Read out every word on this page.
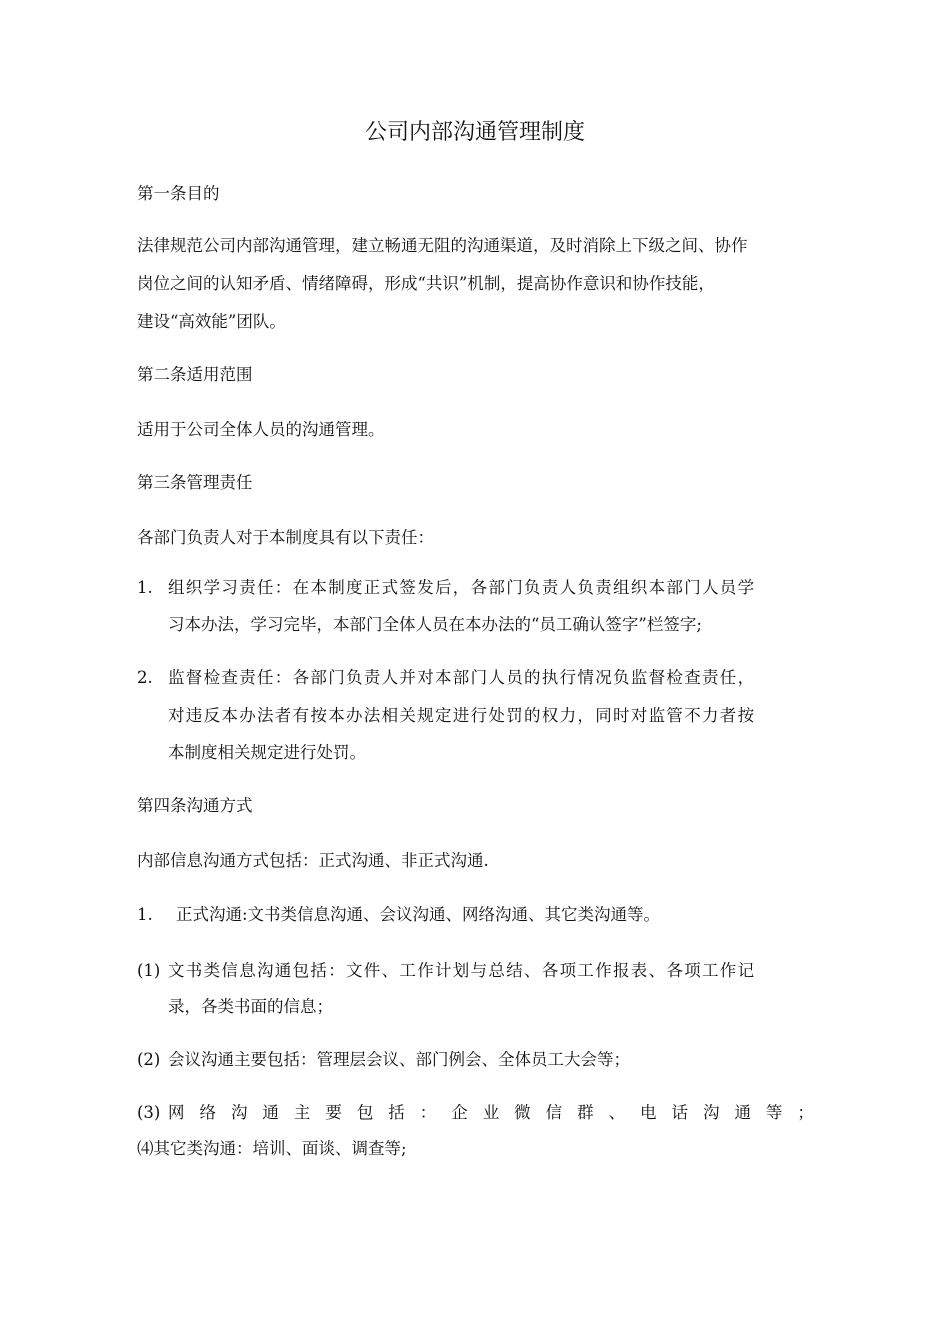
公司内部沟通管理制度
第一条目的
法律规范公司内部沟通管理，建立畅通无阻的沟通渠道，及时消除上下级之间、协作
岗位之间的认知矛盾、情绪障碍，形成“共识”机制，提高协作意识和协作技能，
建设“高效能”团队。
第二条适用范围
适用于公司全体人员的沟通管理。
第三条管理责任
各部门负责人对于本制度具有以下责任：
1. 组织学习责任：在本制度正式签发后，各部门负责人负责组织本部门人员学
习本办法，学习完毕，本部门全体人员在本办法的“员工确认签字”栏签字;
2. 监督检查责任：各部门负责人并对本部门人员的执行情况负监督检查责任，
对违反本办法者有按本办法相关规定进行处罚的权力，同时对监管不力者按
本制度相关规定进行处罚。
第四条沟通方式
内部信息沟通方式包括：正式沟通、非正式沟通.
1. 正式沟通:文书类信息沟通、会议沟通、网络沟通、其它类沟通等。
(1) 文书类信息沟通包括：文件、工作计划与总结、各项工作报表、各项工作记
录，各类书面的信息；
(2) 会议沟通主要包括：管理层会议、部门例会、全体员工大会等；
(3) 网 络 沟 通 主 要 包 括 ： 企 业 微 信 群 、 电 话 沟 通 等 ；
⑷其它类沟通：培训、面谈、调查等;
